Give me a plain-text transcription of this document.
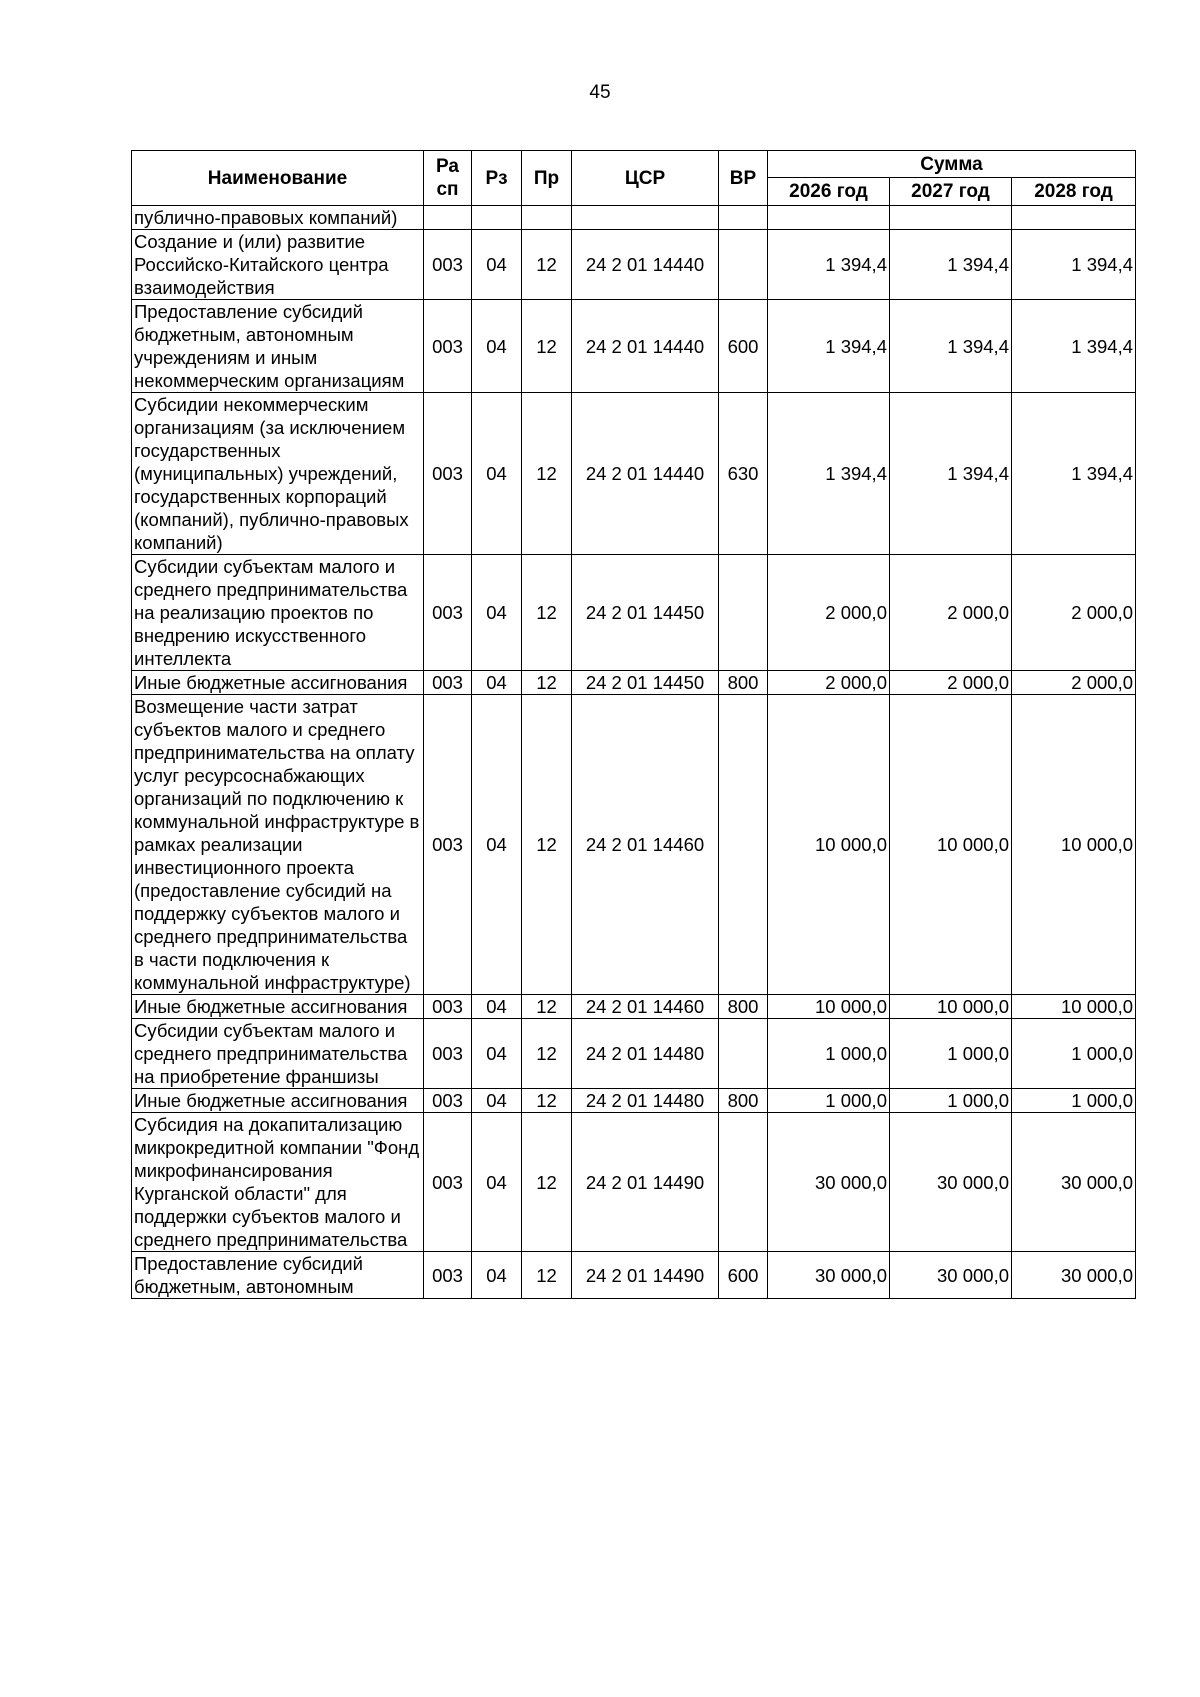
45
Наименование	Ра сп	Рз	Пр	ЦСР	ВР	Сумма		
						2026 год	2027 год	2028 год
публично-правовых компаний)								
Создание и (или) развитие Российско-Китайского центра взаимодействия	003	04	12	24 2 01 14440		1 394,4	1 394,4	1 394,4
Предоставление субсидий бюджетным, автономным учреждениям и иным некоммерческим организациям	003	04	12	24 2 01 14440	600	1 394,4	1 394,4	1 394,4
Субсидии некоммерческим организациям (за исключением государственных (муниципальных) учреждений, государственных корпораций (компаний), публично-правовых компаний)	003	04	12	24 2 01 14440	630	1 394,4	1 394,4	1 394,4
Субсидии субъектам малого и среднего предпринимательства на реализацию проектов по внедрению искусственного интеллекта	003	04	12	24 2 01 14450		2 000,0	2 000,0	2 000,0
Иные бюджетные ассигнования	003	04	12	24 2 01 14450	800	2 000,0	2 000,0	2 000,0
Возмещение части затрат субъектов малого и среднего предпринимательства на оплату услуг ресурсоснабжающих организаций по подключению к коммунальной инфраструктуре в рамках реализации инвестиционного проекта (предоставление субсидий на поддержку субъектов малого и среднего предпринимательства в части подключения к коммунальной инфраструктуре)	003	04	12	24 2 01 14460		10 000,0	10 000,0	10 000,0
Иные бюджетные ассигнования	003	04	12	24 2 01 14460	800	10 000,0	10 000,0	10 000,0
Субсидии субъектам малого и среднего предпринимательства на приобретение франшизы	003	04	12	24 2 01 14480		1 000,0	1 000,0	1 000,0
Иные бюджетные ассигнования	003	04	12	24 2 01 14480	800	1 000,0	1 000,0	1 000,0
Субсидия на докапитализацию микрокредитной компании "Фонд микрофинансирования Курганской области" для поддержки субъектов малого и среднего предпринимательства	003	04	12	24 2 01 14490		30 000,0	30 000,0	30 000,0
Предоставление субсидий бюджетным, автономным	003	04	12	24 2 01 14490	600	30 000,0	30 000,0	30 000,0
